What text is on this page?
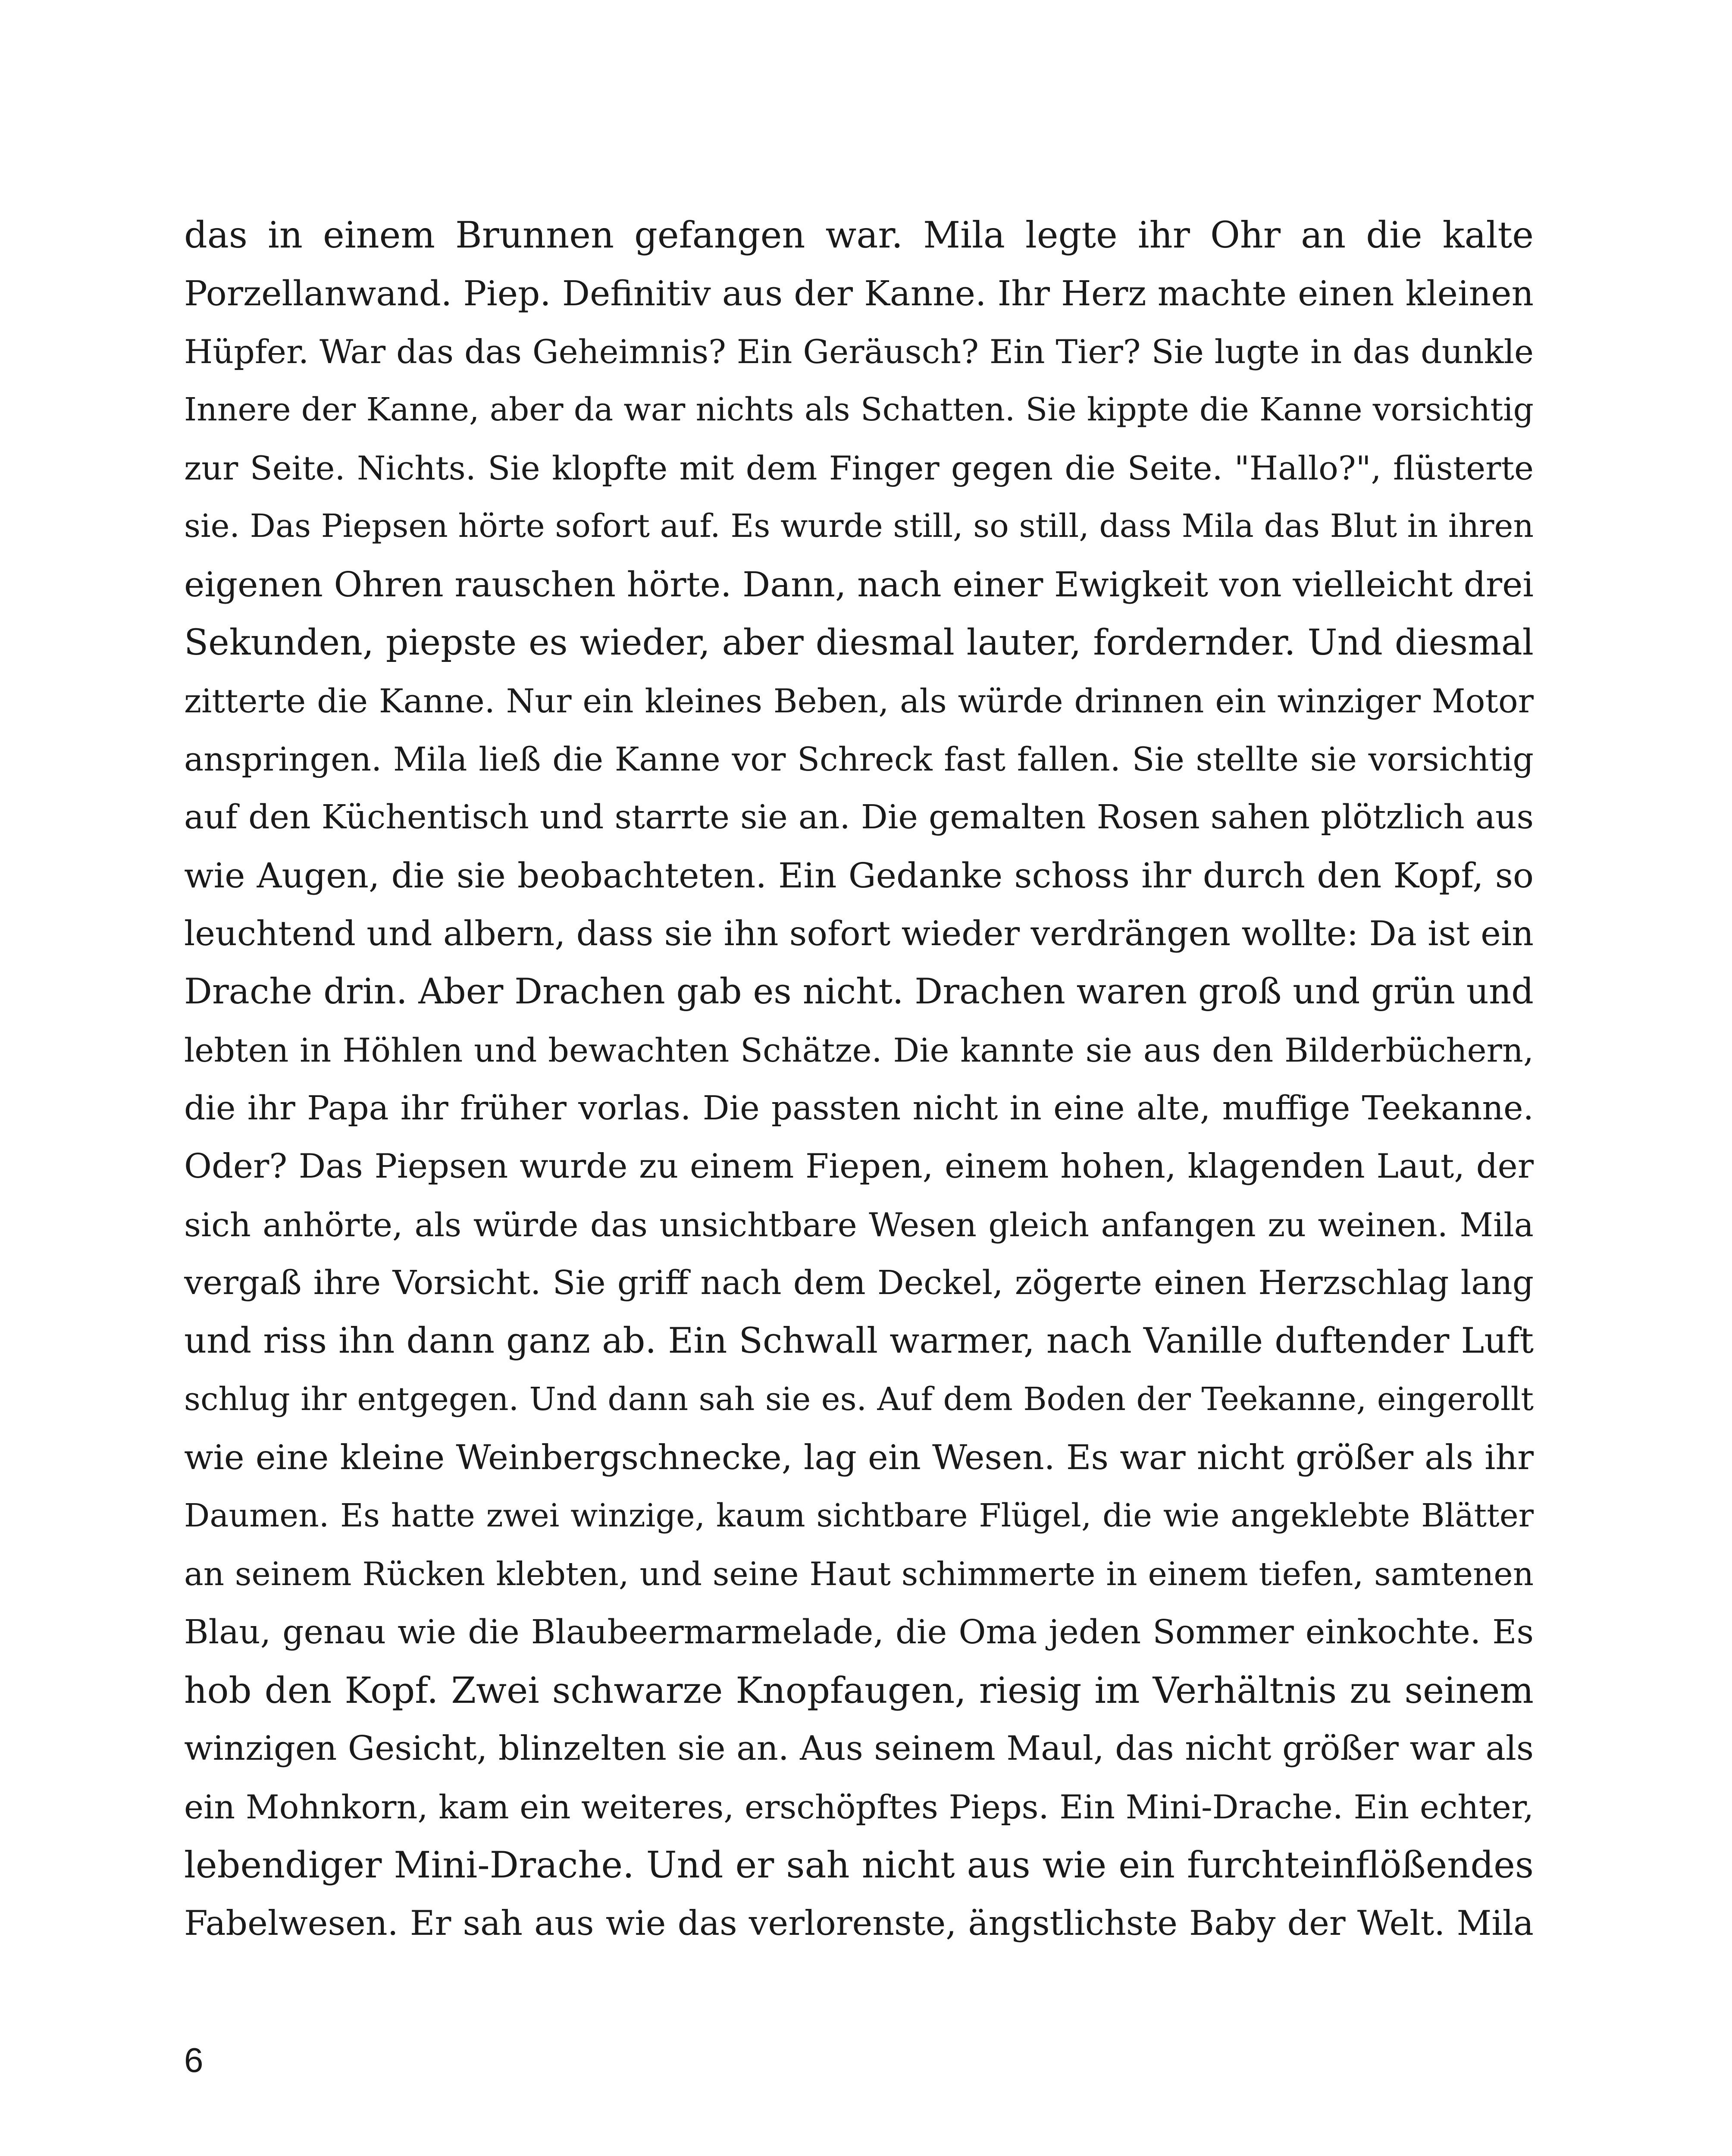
das in einem Brunnen gefangen war. Mila legte ihr Ohr an die kalte
Porzellanwand. Piep. Definitiv aus der Kanne. Ihr Herz machte einen kleinen
Hüpfer. War das das Geheimnis? Ein Geräusch? Ein Tier? Sie lugte in das dunkle
Innere der Kanne, aber da war nichts als Schatten. Sie kippte die Kanne vorsichtig
zur Seite. Nichts. Sie klopfte mit dem Finger gegen die Seite. "Hallo?", flüsterte
sie. Das Piepsen hörte sofort auf. Es wurde still, so still, dass Mila das Blut in ihren
eigenen Ohren rauschen hörte. Dann, nach einer Ewigkeit von vielleicht drei
Sekunden, piepste es wieder, aber diesmal lauter, fordernder. Und diesmal
zitterte die Kanne. Nur ein kleines Beben, als würde drinnen ein winziger Motor
anspringen. Mila ließ die Kanne vor Schreck fast fallen. Sie stellte sie vorsichtig
auf den Küchentisch und starrte sie an. Die gemalten Rosen sahen plötzlich aus
wie Augen, die sie beobachteten. Ein Gedanke schoss ihr durch den Kopf, so
leuchtend und albern, dass sie ihn sofort wieder verdrängen wollte: Da ist ein
Drache drin. Aber Drachen gab es nicht. Drachen waren groß und grün und
lebten in Höhlen und bewachten Schätze. Die kannte sie aus den Bilderbüchern,
die ihr Papa ihr früher vorlas. Die passten nicht in eine alte, muffige Teekanne.
Oder? Das Piepsen wurde zu einem Fiepen, einem hohen, klagenden Laut, der
sich anhörte, als würde das unsichtbare Wesen gleich anfangen zu weinen. Mila
vergaß ihre Vorsicht. Sie griff nach dem Deckel, zögerte einen Herzschlag lang
und riss ihn dann ganz ab. Ein Schwall warmer, nach Vanille duftender Luft
schlug ihr entgegen. Und dann sah sie es. Auf dem Boden der Teekanne, eingerollt
wie eine kleine Weinbergschnecke, lag ein Wesen. Es war nicht größer als ihr
Daumen. Es hatte zwei winzige, kaum sichtbare Flügel, die wie angeklebte Blätter
an seinem Rücken klebten, und seine Haut schimmerte in einem tiefen, samtenen
Blau, genau wie die Blaubeermarmelade, die Oma jeden Sommer einkochte. Es
hob den Kopf. Zwei schwarze Knopfaugen, riesig im Verhältnis zu seinem
winzigen Gesicht, blinzelten sie an. Aus seinem Maul, das nicht größer war als
ein Mohnkorn, kam ein weiteres, erschöpftes Pieps. Ein Mini-Drache. Ein echter,
lebendiger Mini-Drache. Und er sah nicht aus wie ein furchteinflößendes
Fabelwesen. Er sah aus wie das verlorenste, ängstlichste Baby der Welt. Mila
6
